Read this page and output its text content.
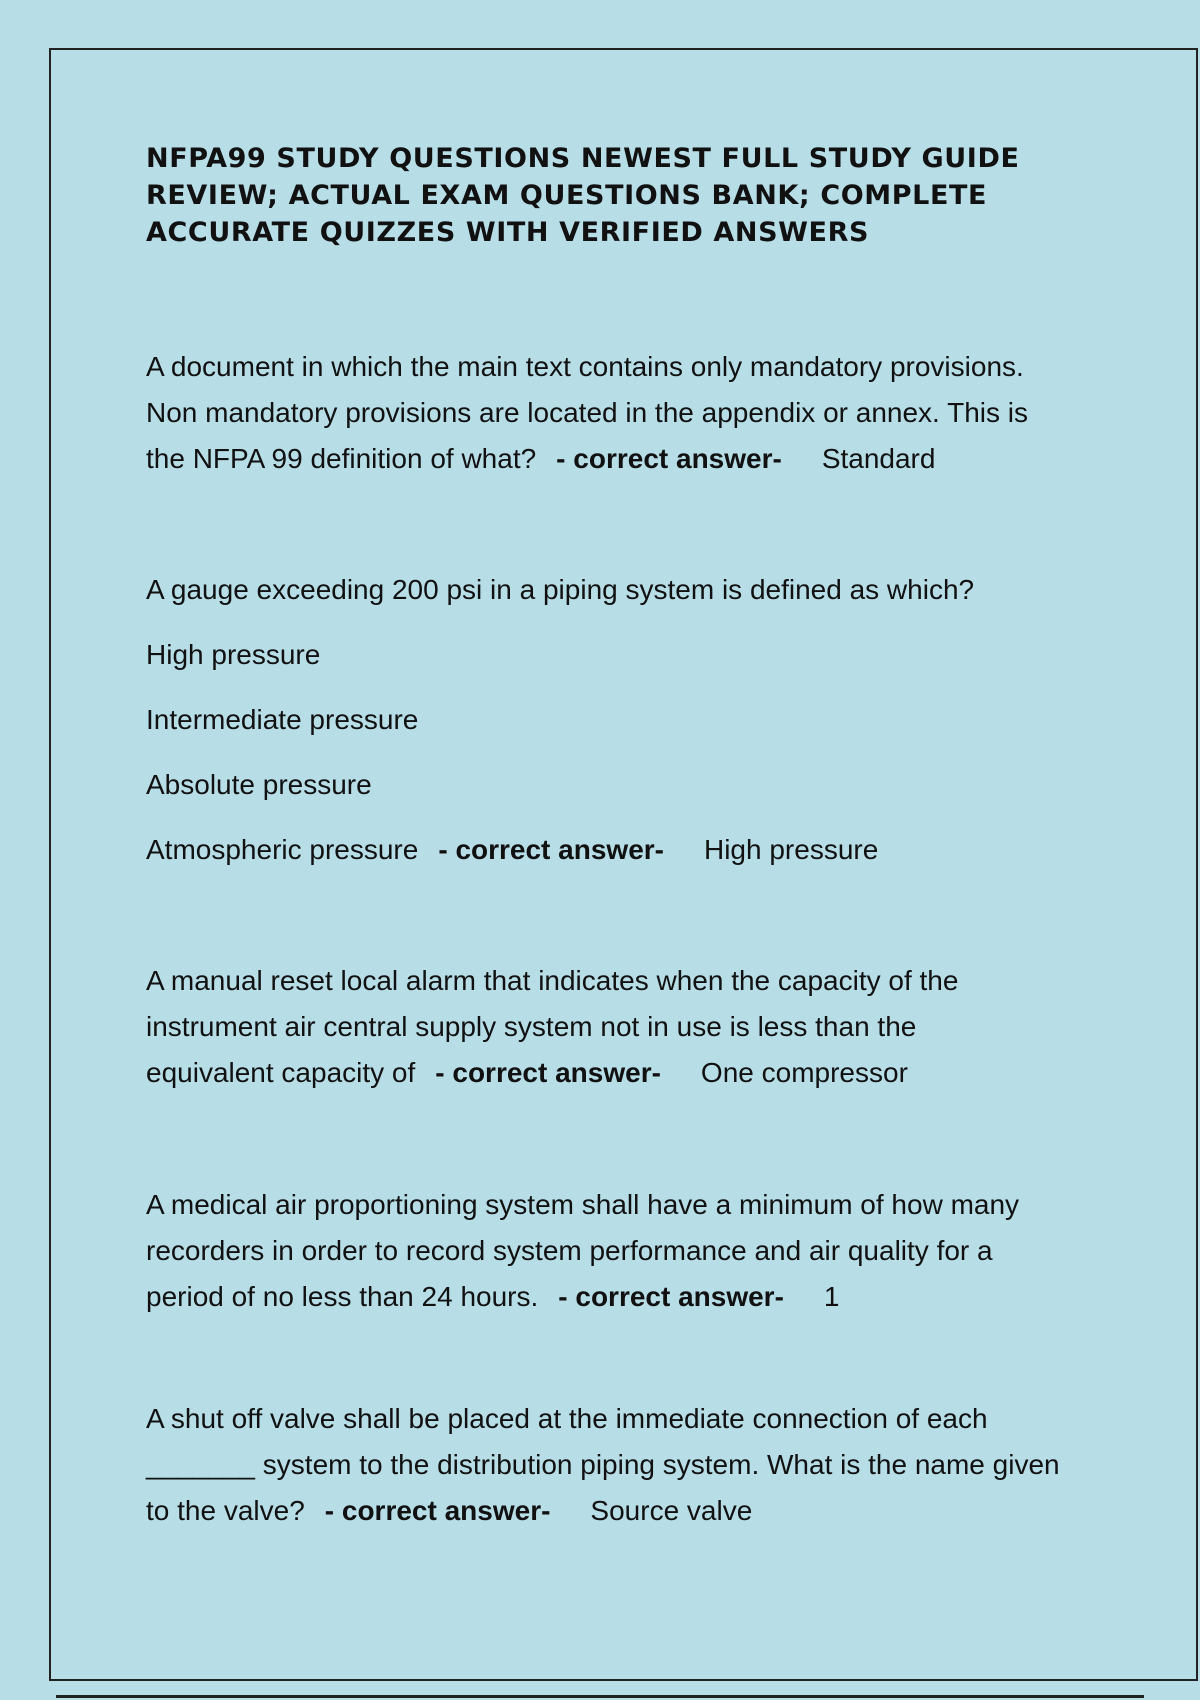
NFPA99 STUDY QUESTIONS NEWEST FULL STUDY GUIDE
REVIEW; ACTUAL EXAM QUESTIONS BANK; COMPLETE
ACCURATE QUIZZES WITH VERIFIED ANSWERS
A document in which the main text contains only mandatory provisions.
Non mandatory provisions are located in the appendix or annex. This is
the NFPA 99 definition of what? - correct answer- Standard
A gauge exceeding 200 psi in a piping system is defined as which?
High pressure
Intermediate pressure
Absolute pressure
Atmospheric pressure - correct answer- High pressure
A manual reset local alarm that indicates when the capacity of the
instrument air central supply system not in use is less than the
equivalent capacity of - correct answer- One compressor
A medical air proportioning system shall have a minimum of how many
recorders in order to record system performance and air quality for a
period of no less than 24 hours. - correct answer- 1
A shut off valve shall be placed at the immediate connection of each
_______ system to the distribution piping system. What is the name given
to the valve? - correct answer- Source valve
